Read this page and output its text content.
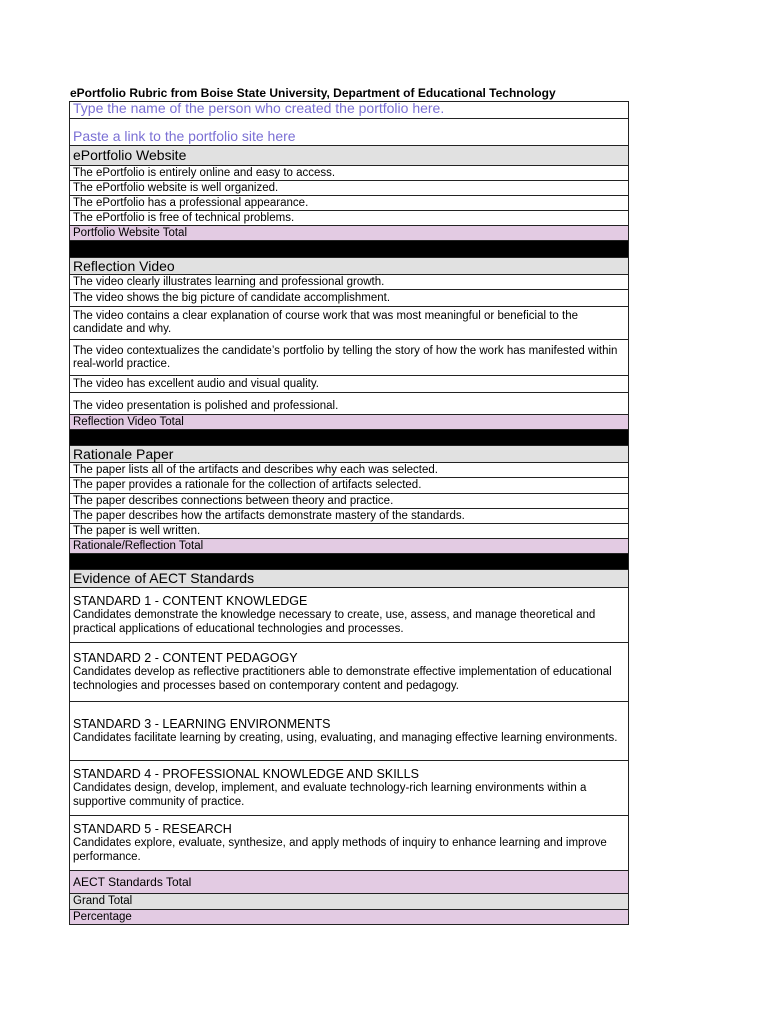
ePortfolio Rubric from Boise State University, Department of Educational Technology
Type the name of the person who created the portfolio here.
Paste a link to the portfolio site here
ePortfolio Website
The ePortfolio is entirely online and easy to access.
The ePortfolio website is well organized.
The ePortfolio has a professional appearance.
The ePortfolio is free of technical problems.
Portfolio Website Total
Reflection Video
The video clearly illustrates learning and professional growth.
The video shows the big picture of candidate accomplishment.
The video contains a clear explanation of course work that was most meaningful or beneficial to the candidate and why.
The video contextualizes the candidate’s portfolio by telling the story of how the work has manifested within real-world practice.
The video has excellent audio and visual quality.
The video presentation is polished and professional.
Reflection Video Total
Rationale Paper
The paper lists all of the artifacts and describes why each was selected.
The paper provides a rationale for the collection of artifacts selected.
The paper describes connections between theory and practice.
The paper describes how the artifacts demonstrate mastery of the standards.
The paper is well written.
Rationale/Reflection Total
Evidence of AECT Standards
STANDARD 1 - CONTENT KNOWLEDGE
Candidates demonstrate the knowledge necessary to create, use, assess, and manage theoretical and practical applications of educational technologies and processes.
STANDARD 2 - CONTENT PEDAGOGY
Candidates develop as reflective practitioners able to demonstrate effective implementation of educational technologies and processes based on contemporary content and pedagogy.
STANDARD 3 - LEARNING ENVIRONMENTS
Candidates facilitate learning by creating, using, evaluating, and managing effective learning environments.
STANDARD 4 - PROFESSIONAL KNOWLEDGE AND SKILLS
Candidates design, develop, implement, and evaluate technology-rich learning environments within a supportive community of practice.
STANDARD 5 - RESEARCH
Candidates explore, evaluate, synthesize, and apply methods of inquiry to enhance learning and improve performance.
AECT Standards Total
Grand Total
Percentage
